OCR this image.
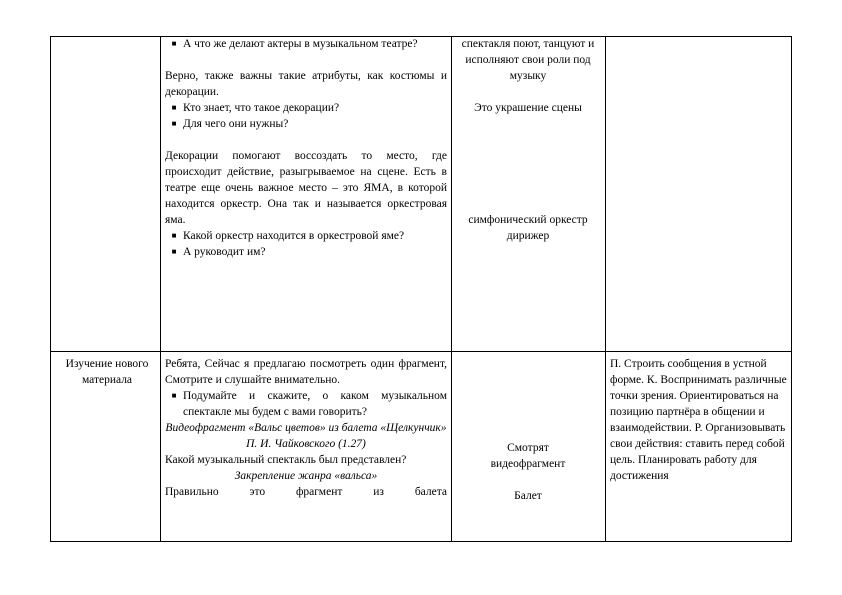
■ А что же делают актеры в музыкальном театре?

Верно, также важны такие атрибуты, как костюмы и декорации.

■ Кто знает, что такое декорации?
■ Для чего они нужны?

Декорации помогают воссоздать то место, где происходит действие, разыгрываемое на сцене. Есть в театре еще очень важное место – это ЯМА, в которой находится оркестр. Она так и называется оркестровая яма.

■ Какой оркестр находится в оркестровой яме?
■ А руководит им?

спектакля поют, танцуют и исполняют свои роли под музыку

Это украшение сцены

симфонический оркестр

дирижер

Изучение нового материала

Ребята, Сейчас я предлагаю посмотреть один фрагмент, Смотрите и слушайте внимательно.

■ Подумайте и скажите, о каком музыкальном спектакле мы будем с вами говорить?

Видеофрагмент «Вальс цветов» из балета «Щелкунчик» П. И. Чайковского (1.27)

Какой музыкальный спектакль был представлен?

Закрепление жанра «вальса»

Правильно это фрагмент из балета

Смотрят видеофрагмент

Балет

П. Строить сообщения в устной форме. К. Воспринимать различные точки зрения. Ориентироваться на позицию партнёра в общении и взаимодействии. Р. Организовывать свои действия: ставить перед собой цель. Планировать работу для достижения
